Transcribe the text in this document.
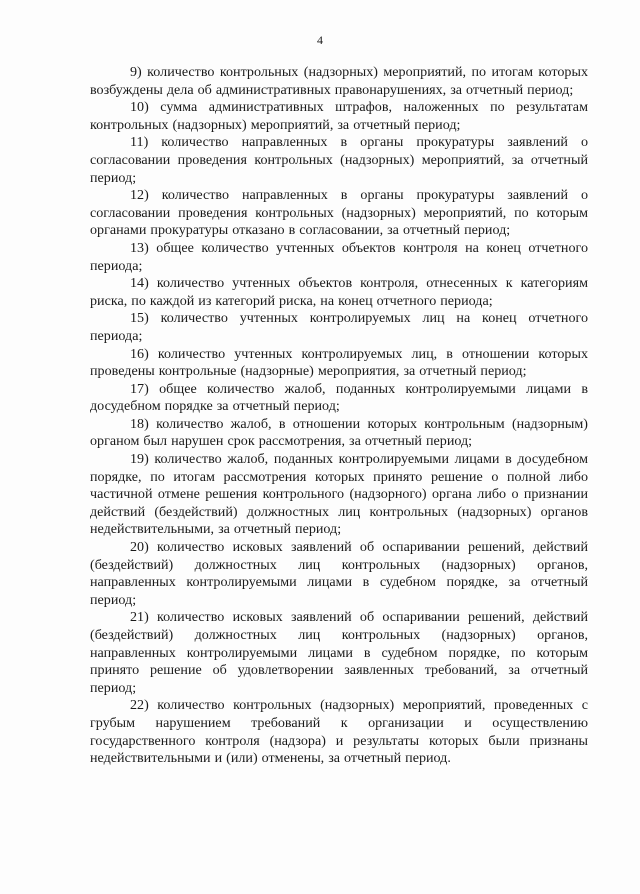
4

9) количество контрольных (надзорных) мероприятий, по итогам которых возбуждены дела об административных правонарушениях, за отчетный период;

10) сумма административных штрафов, наложенных по результатам контрольных (надзорных) мероприятий, за отчетный период;

11) количество направленных в органы прокуратуры заявлений о согласовании проведения контрольных (надзорных) мероприятий, за отчетный период;

12) количество направленных в органы прокуратуры заявлений о согласовании проведения контрольных (надзорных) мероприятий, по которым органами прокуратуры отказано в согласовании, за отчетный период;

13) общее количество учтенных объектов контроля на конец отчетного периода;

14) количество учтенных объектов контроля, отнесенных к категориям риска, по каждой из категорий риска, на конец отчетного периода;

15) количество учтенных контролируемых лиц на конец отчетного периода;

16) количество учтенных контролируемых лиц, в отношении которых проведены контрольные (надзорные) мероприятия, за отчетный период;

17) общее количество жалоб, поданных контролируемыми лицами в досудебном порядке за отчетный период;

18) количество жалоб, в отношении которых контрольным (надзорным) органом был нарушен срок рассмотрения, за отчетный период;

19) количество жалоб, поданных контролируемыми лицами в досудебном порядке, по итогам рассмотрения которых принято решение о полной либо частичной отмене решения контрольного (надзорного) органа либо о признании действий (бездействий) должностных лиц контрольных (надзорных) органов недействительными, за отчетный период;

20) количество исковых заявлений об оспаривании решений, действий (бездействий) должностных лиц контрольных (надзорных) органов, направленных контролируемыми лицами в судебном порядке, за отчетный период;

21) количество исковых заявлений об оспаривании решений, действий (бездействий) должностных лиц контрольных (надзорных) органов, направленных контролируемыми лицами в судебном порядке, по которым принято решение об удовлетворении заявленных требований, за отчетный период;

22) количество контрольных (надзорных) мероприятий, проведенных с грубым нарушением требований к организации и осуществлению государственного контроля (надзора) и результаты которых были признаны недействительными и (или) отменены, за отчетный период.
